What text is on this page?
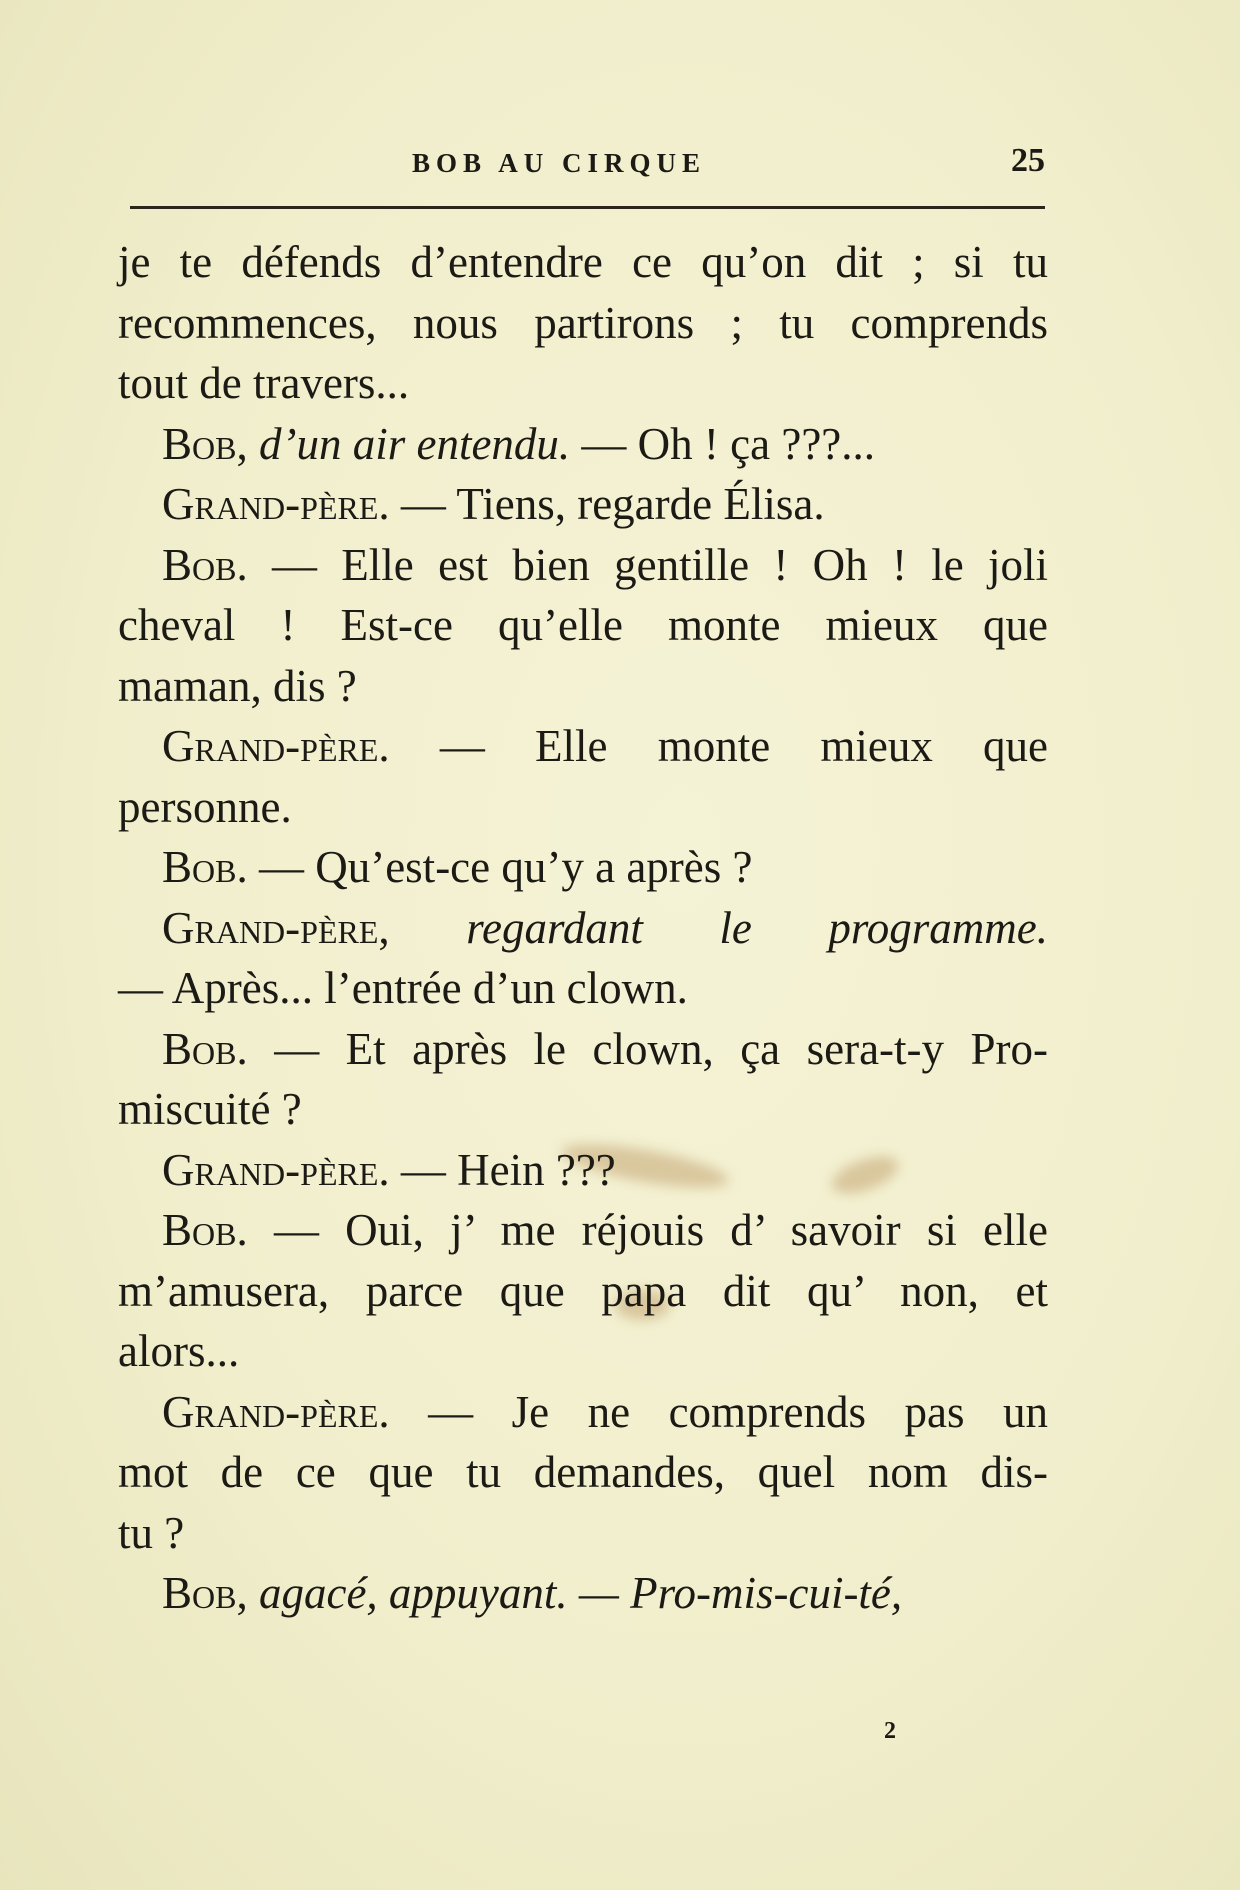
BOB AU CIRQUE	25
je te défends d’entendre ce qu’on dit ; si tu
recommences, nous partirons ; tu comprends
tout de travers...
Bob, d’un air entendu. — Oh ! ça ???...
Grand-père. — Tiens, regarde Élisa.
Bob. — Elle est bien gentille ! Oh ! le joli
cheval ! Est-ce qu’elle monte mieux que
maman, dis ?
Grand-père. — Elle monte mieux que
personne.
Bob. — Qu’est-ce qu’y a après ?
Grand-père, regardant le programme.
— Après... l’entrée d’un clown.
Bob. — Et après le clown, ça sera-t-y Pro-
miscuité ?
Grand-père. — Hein ???
Bob. — Oui, j’ me réjouis d’ savoir si elle
m’amusera, parce que papa dit qu’ non, et
alors...
Grand-père. — Je ne comprends pas un
mot de ce que tu demandes, quel nom dis-
tu ?
Bob, agacé, appuyant. — Pro-mis-cui-té,
2
